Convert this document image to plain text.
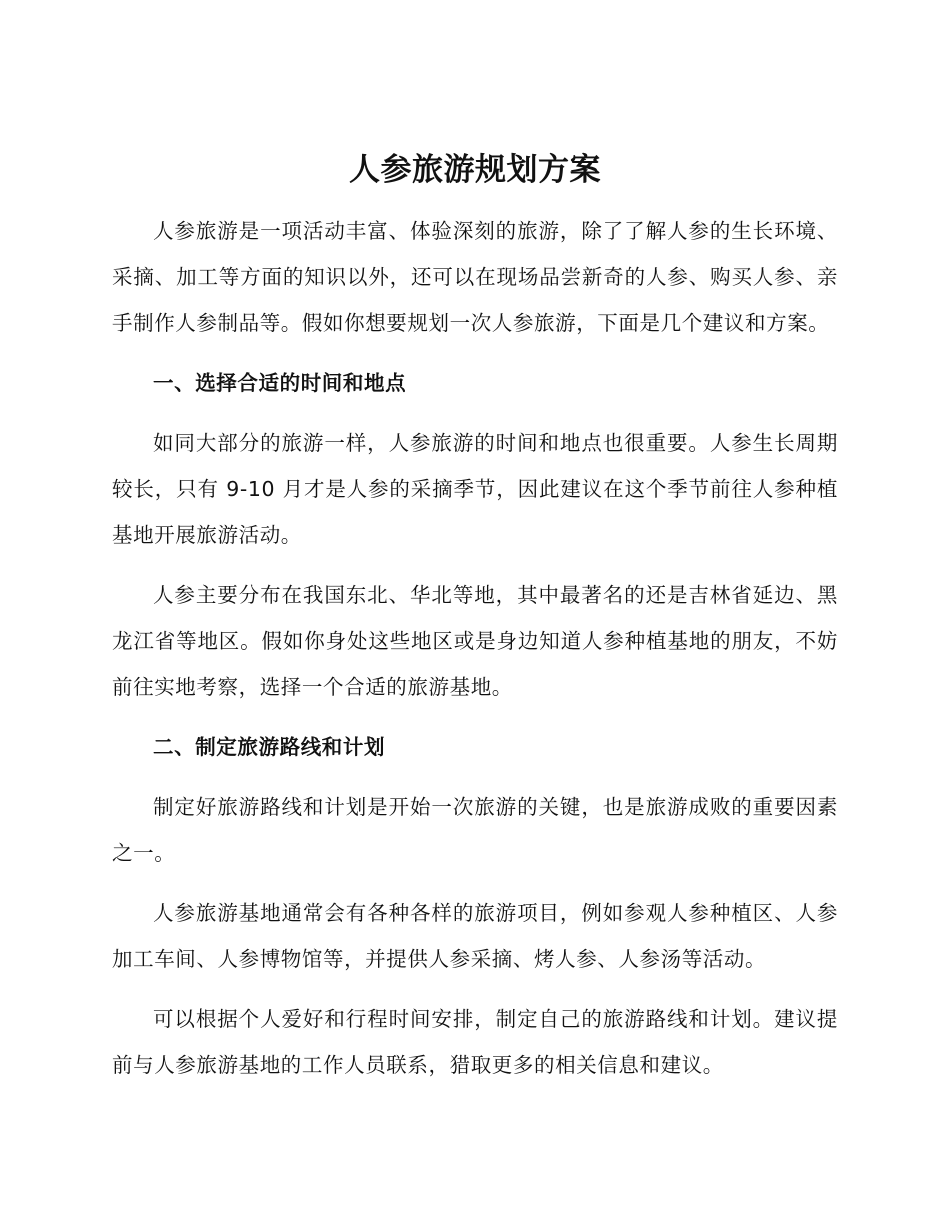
人参旅游规划方案

人参旅游是一项活动丰富、体验深刻的旅游，除了了解人参的生长环境、采摘、加工等方面的知识以外，还可以在现场品尝新奇的人参、购买人参、亲手制作人参制品等。假如你想要规划一次人参旅游，下面是几个建议和方案。

一、选择合适的时间和地点

如同大部分的旅游一样，人参旅游的时间和地点也很重要。人参生长周期较长，只有 9-10 月才是人参的采摘季节，因此建议在这个季节前往人参种植基地开展旅游活动。

人参主要分布在我国东北、华北等地，其中最著名的还是吉林省延边、黑龙江省等地区。假如你身处这些地区或是身边知道人参种植基地的朋友，不妨前往实地考察，选择一个合适的旅游基地。

二、制定旅游路线和计划

制定好旅游路线和计划是开始一次旅游的关键，也是旅游成败的重要因素之一。

人参旅游基地通常会有各种各样的旅游项目，例如参观人参种植区、人参加工车间、人参博物馆等，并提供人参采摘、烤人参、人参汤等活动。

可以根据个人爱好和行程时间安排，制定自己的旅游路线和计划。建议提前与人参旅游基地的工作人员联系，猎取更多的相关信息和建议。
